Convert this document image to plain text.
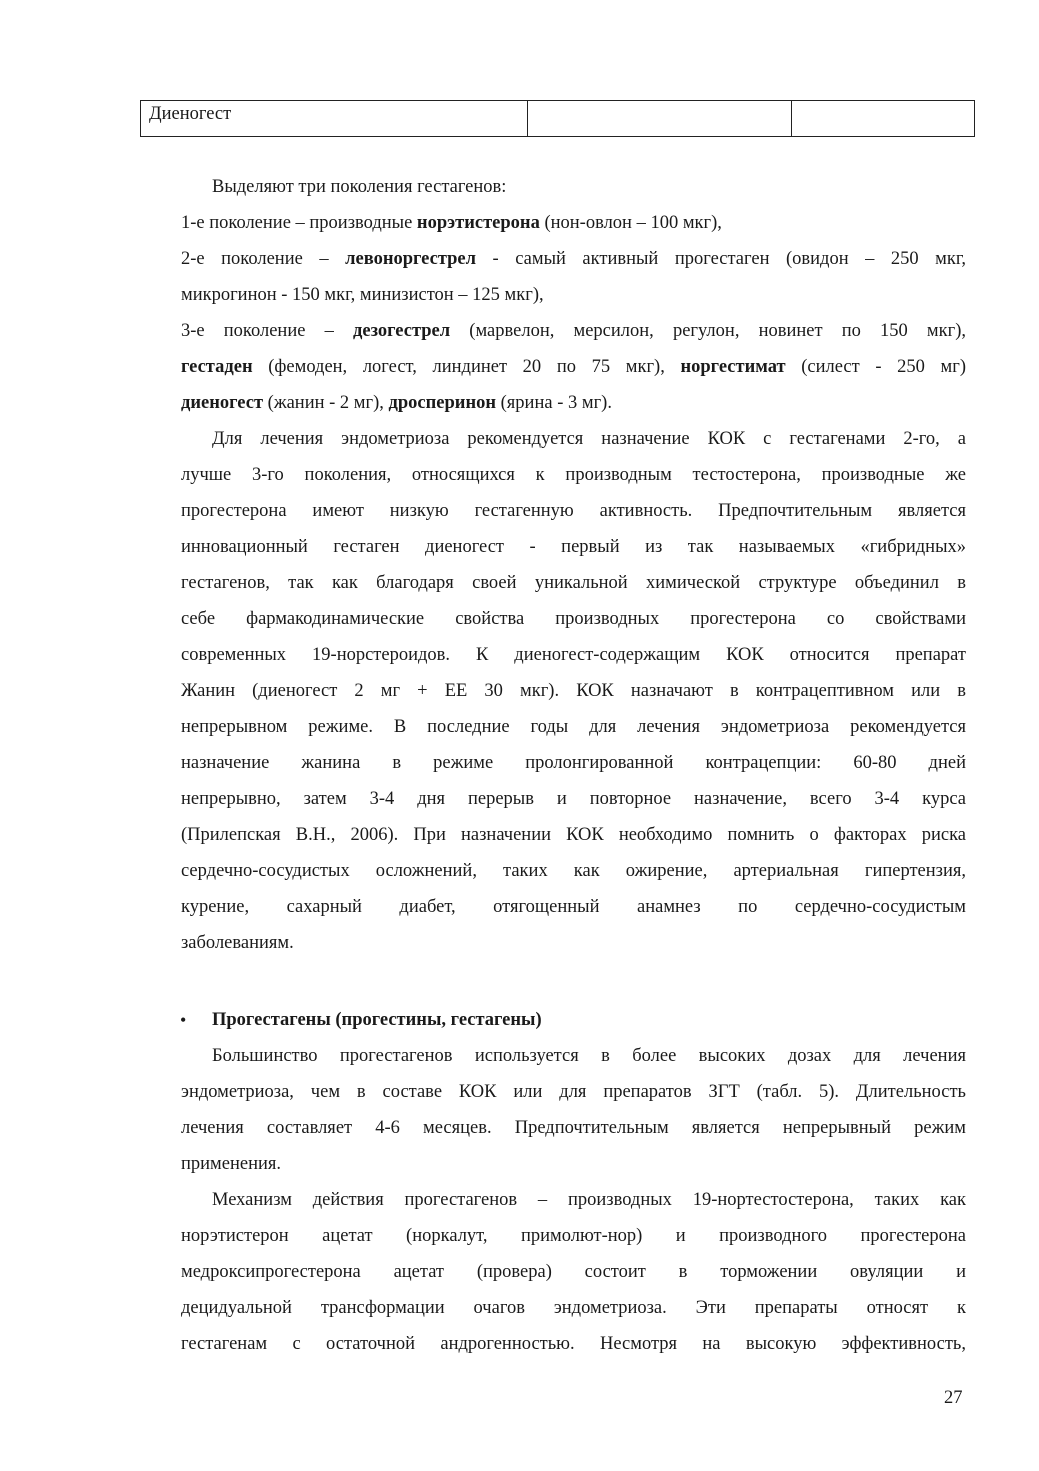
Диеногест		
Выделяют три поколения гестагенов:
1-е поколение – производные норэтистерона (нон-овлон – 100 мкг),
2-е поколение – левоноргестрел - самый активный прогестаген (овидон – 250 мкг,
микрогинон - 150 мкг, минизистон – 125 мкг),
3-е поколение – дезогестрел (марвелон, мерсилон, регулон, новинет по 150 мкг),
гестаден (фемоден, логест, линдинет 20 по 75 мкг), норгестимат (силест - 250 мг)
диеногест (жанин - 2 мг), дросперинон (ярина - 3 мг).
Для лечения эндометриоза рекомендуется назначение КОК с гестагенами 2-го, а
лучше 3-го поколения, относящихся к производным тестостерона, производные же
прогестерона имеют низкую гестагенную активность. Предпочтительным является
инновационный гестаген диеногест - первый из так называемых «гибридных»
гестагенов, так как благодаря своей уникальной химической структуре объединил в
себе фармакодинамические свойства производных прогестерона со свойствами
современных 19-норстероидов. К диеногест-содержащим КОК относится препарат
Жанин (диеногест 2 мг + ЕЕ 30 мкг). КОК назначают в контрацептивном или в
непрерывном режиме. В последние годы для лечения эндометриоза рекомендуется
назначение жанина в режиме пролонгированной контрацепции: 60-80 дней
непрерывно, затем 3-4 дня перерыв и повторное назначение, всего 3-4 курса
(Прилепская В.Н., 2006). При назначении КОК необходимо помнить о факторах риска
сердечно-сосудистых осложнений, таких как ожирение, артериальная гипертензия,
курение, сахарный диабет, отягощенный анамнез по сердечно-сосудистым
заболеваниям.
• Прогестагены (прогестины, гестагены)
Большинство прогестагенов используется в более высоких дозах для лечения
эндометриоза, чем в составе КОК или для препаратов ЗГТ (табл. 5). Длительность
лечения составляет 4-6 месяцев. Предпочтительным является непрерывный режим
применения.
Механизм действия прогестагенов – производных 19-нортестостерона, таких как
норэтистерон ацетат (норкалут, примолют-нор) и производного прогестерона
медроксипрогестерона ацетат (провера) состоит в торможении овуляции и
децидуальной трансформации очагов эндометриоза. Эти препараты относят к
гестагенам с остаточной андрогенностью. Несмотря на высокую эффективность,
27
